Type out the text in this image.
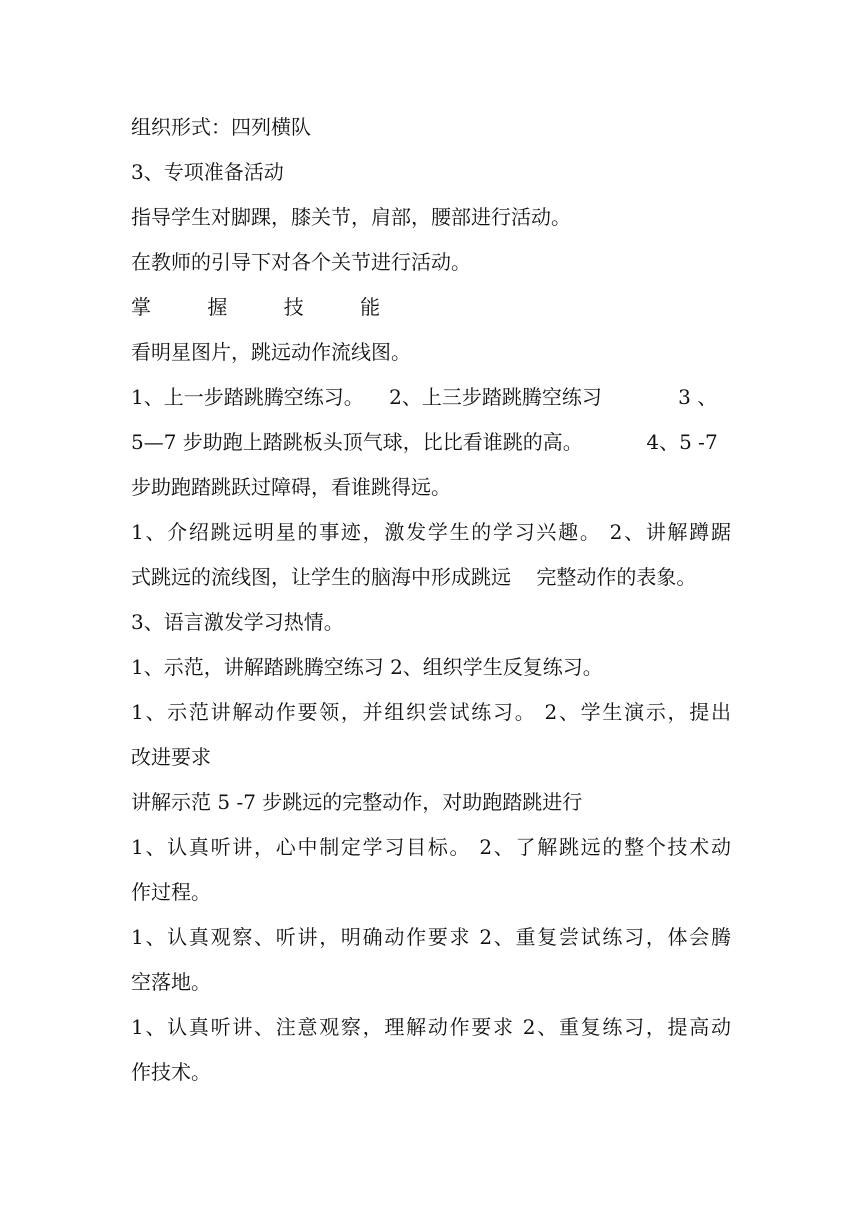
组织形式：四列横队
3、专项准备活动
指导学生对脚踝，膝关节，肩部，腰部进行活动。
在教师的引导下对各个关节进行活动。
掌 握 技 能
看明星图片，跳远动作流线图。
1、上一步踏跳腾空练习。    2、上三步踏跳腾空练习            3 、
5—7 步助跑上踏跳板头顶气球，比比看谁跳的高。          4、5 -7
步助跑踏跳跃过障碍，看谁跳得远。
1、介绍跳远明星的事迹，激发学生的学习兴趣。 2、讲解蹲踞
式跳远的流线图，让学生的脑海中形成跳远    完整动作的表象。
3、语言激发学习热情。
1、示范，讲解踏跳腾空练习 2、组织学生反复练习。
1、示范讲解动作要领，并组织尝试练习。 2、学生演示，提出
改进要求
讲解示范 5 -7 步跳远的完整动作，对助跑踏跳进行
1、认真听讲，心中制定学习目标。 2、了解跳远的整个技术动
作过程。
1、认真观察、听讲，明确动作要求 2、重复尝试练习，体会腾
空落地。
1、认真听讲、注意观察，理解动作要求 2、重复练习，提高动
作技术。
